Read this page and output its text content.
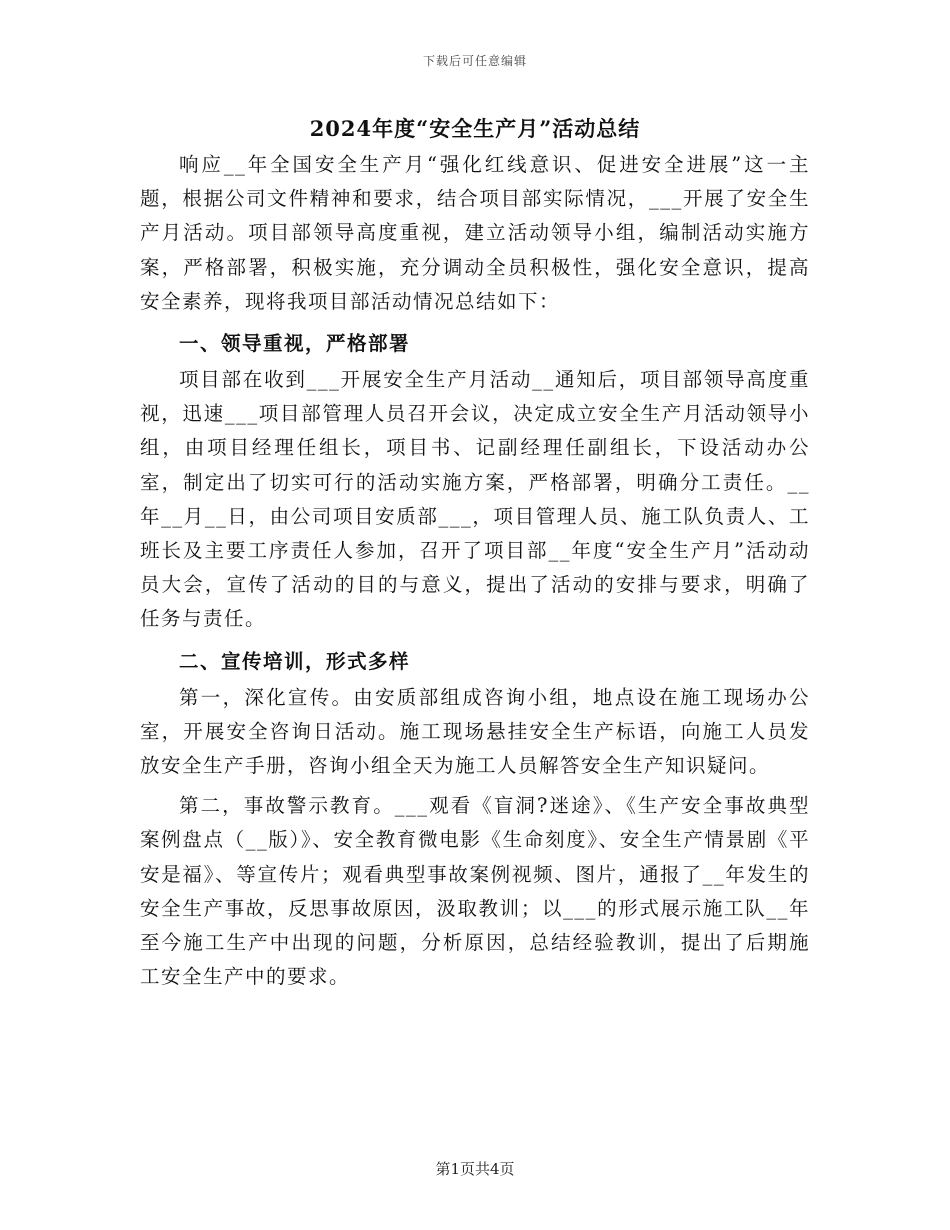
下载后可任意编辑
2024年度“安全生产月”活动总结

响应__年全国安全生产月“强化红线意识、促进安全进展”这一主题，根据公司文件精神和要求，结合项目部实际情况，___开展了安全生产月活动。项目部领导高度重视，建立活动领导小组，编制活动实施方案，严格部署，积极实施，充分调动全员积极性，强化安全意识，提高安全素养，现将我项目部活动情况总结如下：

一、领导重视，严格部署

项目部在收到___开展安全生产月活动__通知后，项目部领导高度重视，迅速___项目部管理人员召开会议，决定成立安全生产月活动领导小组，由项目经理任组长，项目书、记副经理任副组长，下设活动办公室，制定出了切实可行的活动实施方案，严格部署，明确分工责任。__年__月__日，由公司项目安质部___，项目管理人员、施工队负责人、工班长及主要工序责任人参加，召开了项目部__年度“安全生产月”活动动员大会，宣传了活动的目的与意义，提出了活动的安排与要求，明确了任务与责任。

二、宣传培训，形式多样

第一，深化宣传。由安质部组成咨询小组，地点设在施工现场办公室，开展安全咨询日活动。施工现场悬挂安全生产标语，向施工人员发放安全生产手册，咨询小组全天为施工人员解答安全生产知识疑问。

第二，事故警示教育。___观看《盲洞?迷途》、《生产安全事故典型案例盘点（__版）》、安全教育微电影《生命刻度》、安全生产情景剧《平安是福》、等宣传片；观看典型事故案例视频、图片，通报了__年发生的安全生产事故，反思事故原因，汲取教训；以___的形式展示施工队__年至今施工生产中出现的问题，分析原因，总结经验教训，提出了后期施工安全生产中的要求。

第1页共4页
